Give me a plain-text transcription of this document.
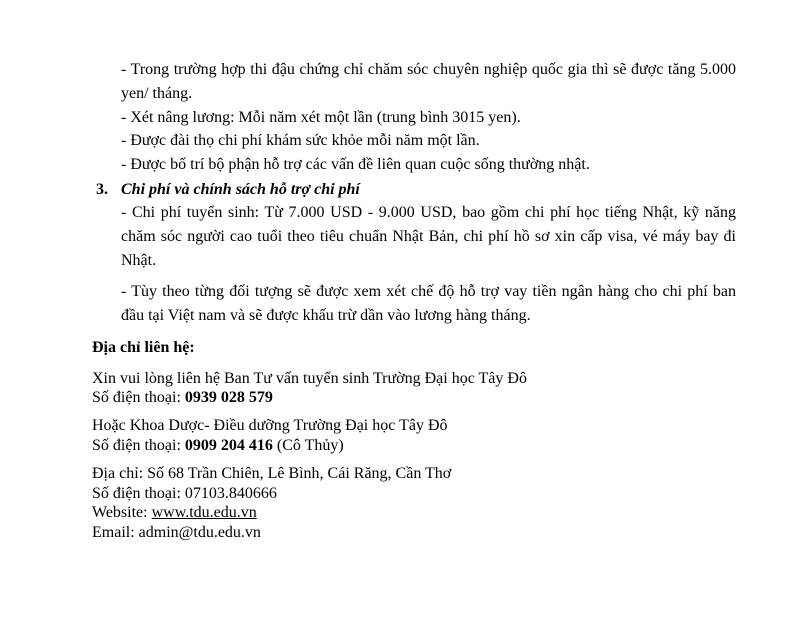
- Trong trường hợp thi đậu chứng chỉ chăm sóc chuyên nghiệp quốc gia thì sẽ được tăng 5.000 yen/ tháng.
- Xét nâng lương: Mỗi năm xét một lần (trung bình 3015 yen).
- Được đài thọ chi phí khám sức khỏe mỗi năm một lần.
- Được bố trí bộ phận hỗ trợ các vấn đề liên quan cuộc sống thường nhật.
3. Chi phí và chính sách hỗ trợ chi phí
- Chi phí tuyển sinh: Từ 7.000 USD - 9.000 USD, bao gồm chi phí học tiếng Nhật, kỹ năng chăm sóc người cao tuổi theo tiêu chuẩn Nhật Bản, chi phí hồ sơ xin cấp visa, vé máy bay đi Nhật.
- Tùy theo từng đối tượng sẽ được xem xét chế độ hỗ trợ vay tiền ngân hàng cho chi phí ban đầu tại Việt nam và sẽ được khấu trừ dần vào lương hàng tháng.
Địa chỉ liên hệ:
Xin vui lòng liên hệ Ban Tư vấn tuyển sinh Trường Đại học Tây Đô
Số điện thoại: 0939 028 579
Hoặc Khoa Dược- Điều dưỡng Trường Đại học Tây Đô
Số điện thoại: 0909 204 416 (Cô Thủy)
Địa chỉ: Số 68 Trần Chiên, Lê Bình, Cái Răng, Cần Thơ
Số điện thoại: 07103.840666
Website: www.tdu.edu.vn
Email: admin@tdu.edu.vn
